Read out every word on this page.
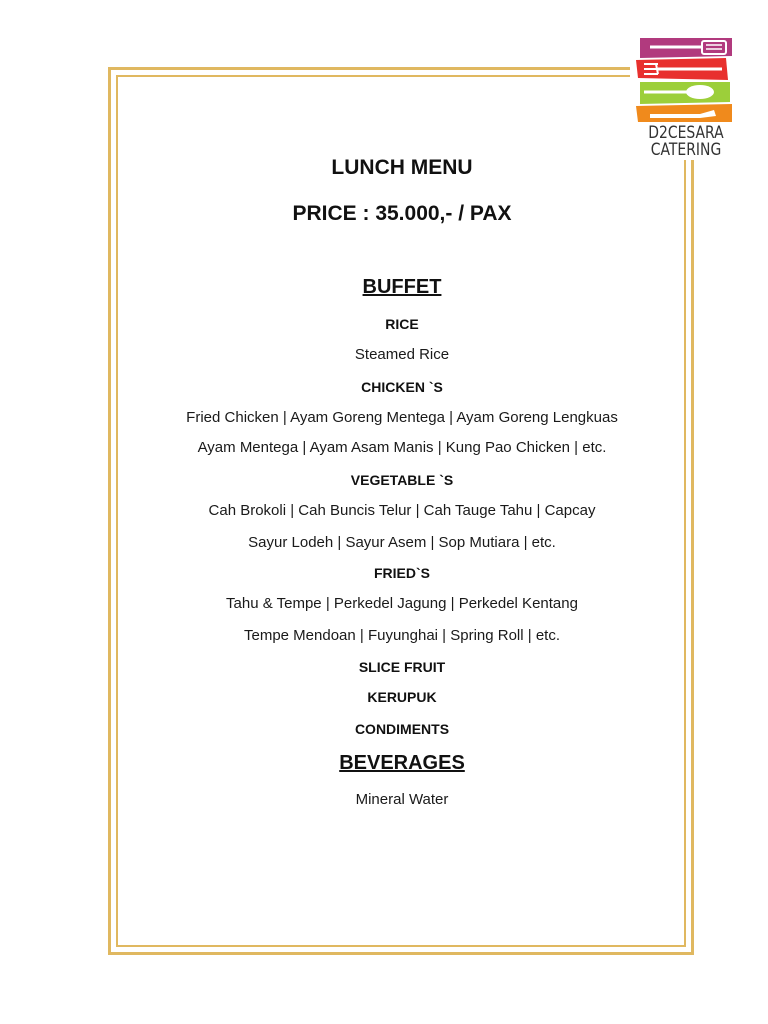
D2CESARA
CATERING
LUNCH MENU
PRICE : 35.000,- / PAX
BUFFET
RICE
Steamed Rice
CHICKEN `S
Fried Chicken | Ayam Goreng Mentega | Ayam Goreng Lengkuas
Ayam Mentega | Ayam Asam Manis | Kung Pao Chicken | etc.
VEGETABLE `S
Cah Brokoli | Cah Buncis Telur | Cah Tauge Tahu | Capcay
Sayur Lodeh | Sayur Asem | Sop Mutiara | etc.
FRIED`S
Tahu & Tempe | Perkedel Jagung | Perkedel Kentang
Tempe Mendoan | Fuyunghai | Spring Roll | etc.
SLICE FRUIT
KERUPUK
CONDIMENTS
BEVERAGES
Mineral Water
